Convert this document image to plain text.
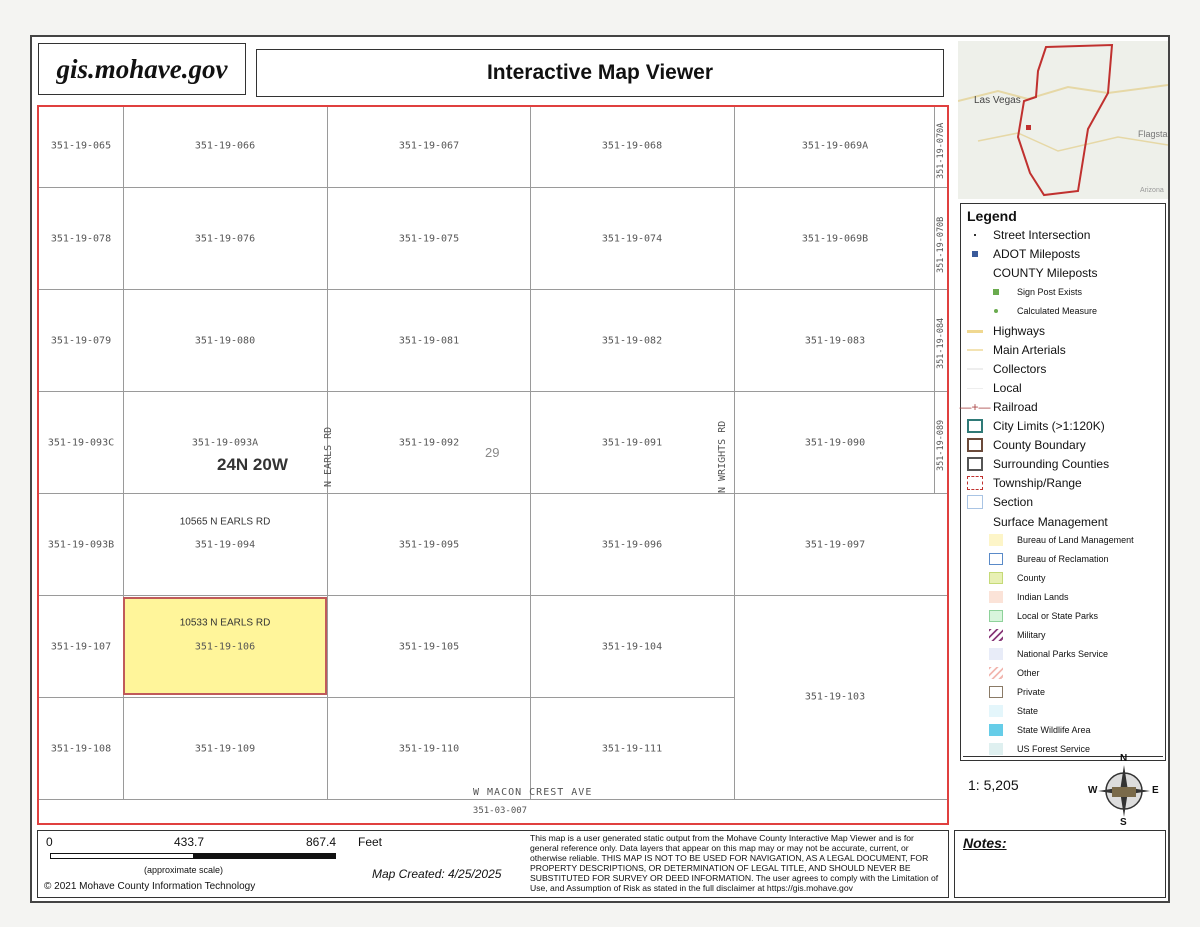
gis.mohave.gov	Interactive Map Viewer
351-19-065	351-19-066	351-19-067	351-19-068	351-19-069A	351-19-070A
351-19-078	351-19-076	351-19-075	351-19-074	351-19-069B	351-19-070B
351-19-079	351-19-080	351-19-081	351-19-082	351-19-083	351-19-084
351-19-093C	351-19-093A	351-19-092	351-19-091	351-19-090	351-19-089
10565 N EARLS RD
351-19-093B	351-19-094	351-19-095	351-19-096	351-19-097
10533 N EARLS RD
351-19-107	351-19-106	351-19-105	351-19-104
351-19-103
351-19-108	351-19-109	351-19-110	351-19-111
351-03-007
N EARLS RD	N WRIGHTS RD
W MACON CREST AVE
24N 20W
29
Las Vegas
Flagsta
Arizona
Legend
Street Intersection
ADOT Mileposts
COUNTY Mileposts
Sign Post Exists
Calculated Measure
Highways
Main Arterials
Collectors
Local
—+— Railroad
City Limits (>1:120K)
County Boundary
Surrounding Counties
Township/Range
Section
Surface Management
Bureau of Land Management
Bureau of Reclamation
County
Indian Lands
Local or State Parks
Military
National Parks Service
Other
Private
State
State Wildlife Area
US Forest Service
1: 5,205
N
S
E
W
0	433.7	867.4 Feet
(approximate scale)
© 2021 Mohave County Information Technology
Map Created: 4/25/2025
This map is a user generated static output from the Mohave County Interactive Map Viewer and is for general reference only. Data layers that appear on this map may or may not be accurate, current, or otherwise reliable. THIS MAP IS NOT TO BE USED FOR NAVIGATION, AS A LEGAL DOCUMENT, FOR PROPERTY DESCRIPTIONS, OR DETERMINATION OF LEGAL TITLE, AND SHOULD NEVER BE SUBSTITUTED FOR SURVEY OR DEED INFORMATION. The user agrees to comply with the Limitation of Use, and Assumption of Risk as stated in the full disclaimer at https://gis.mohave.gov
Notes:
